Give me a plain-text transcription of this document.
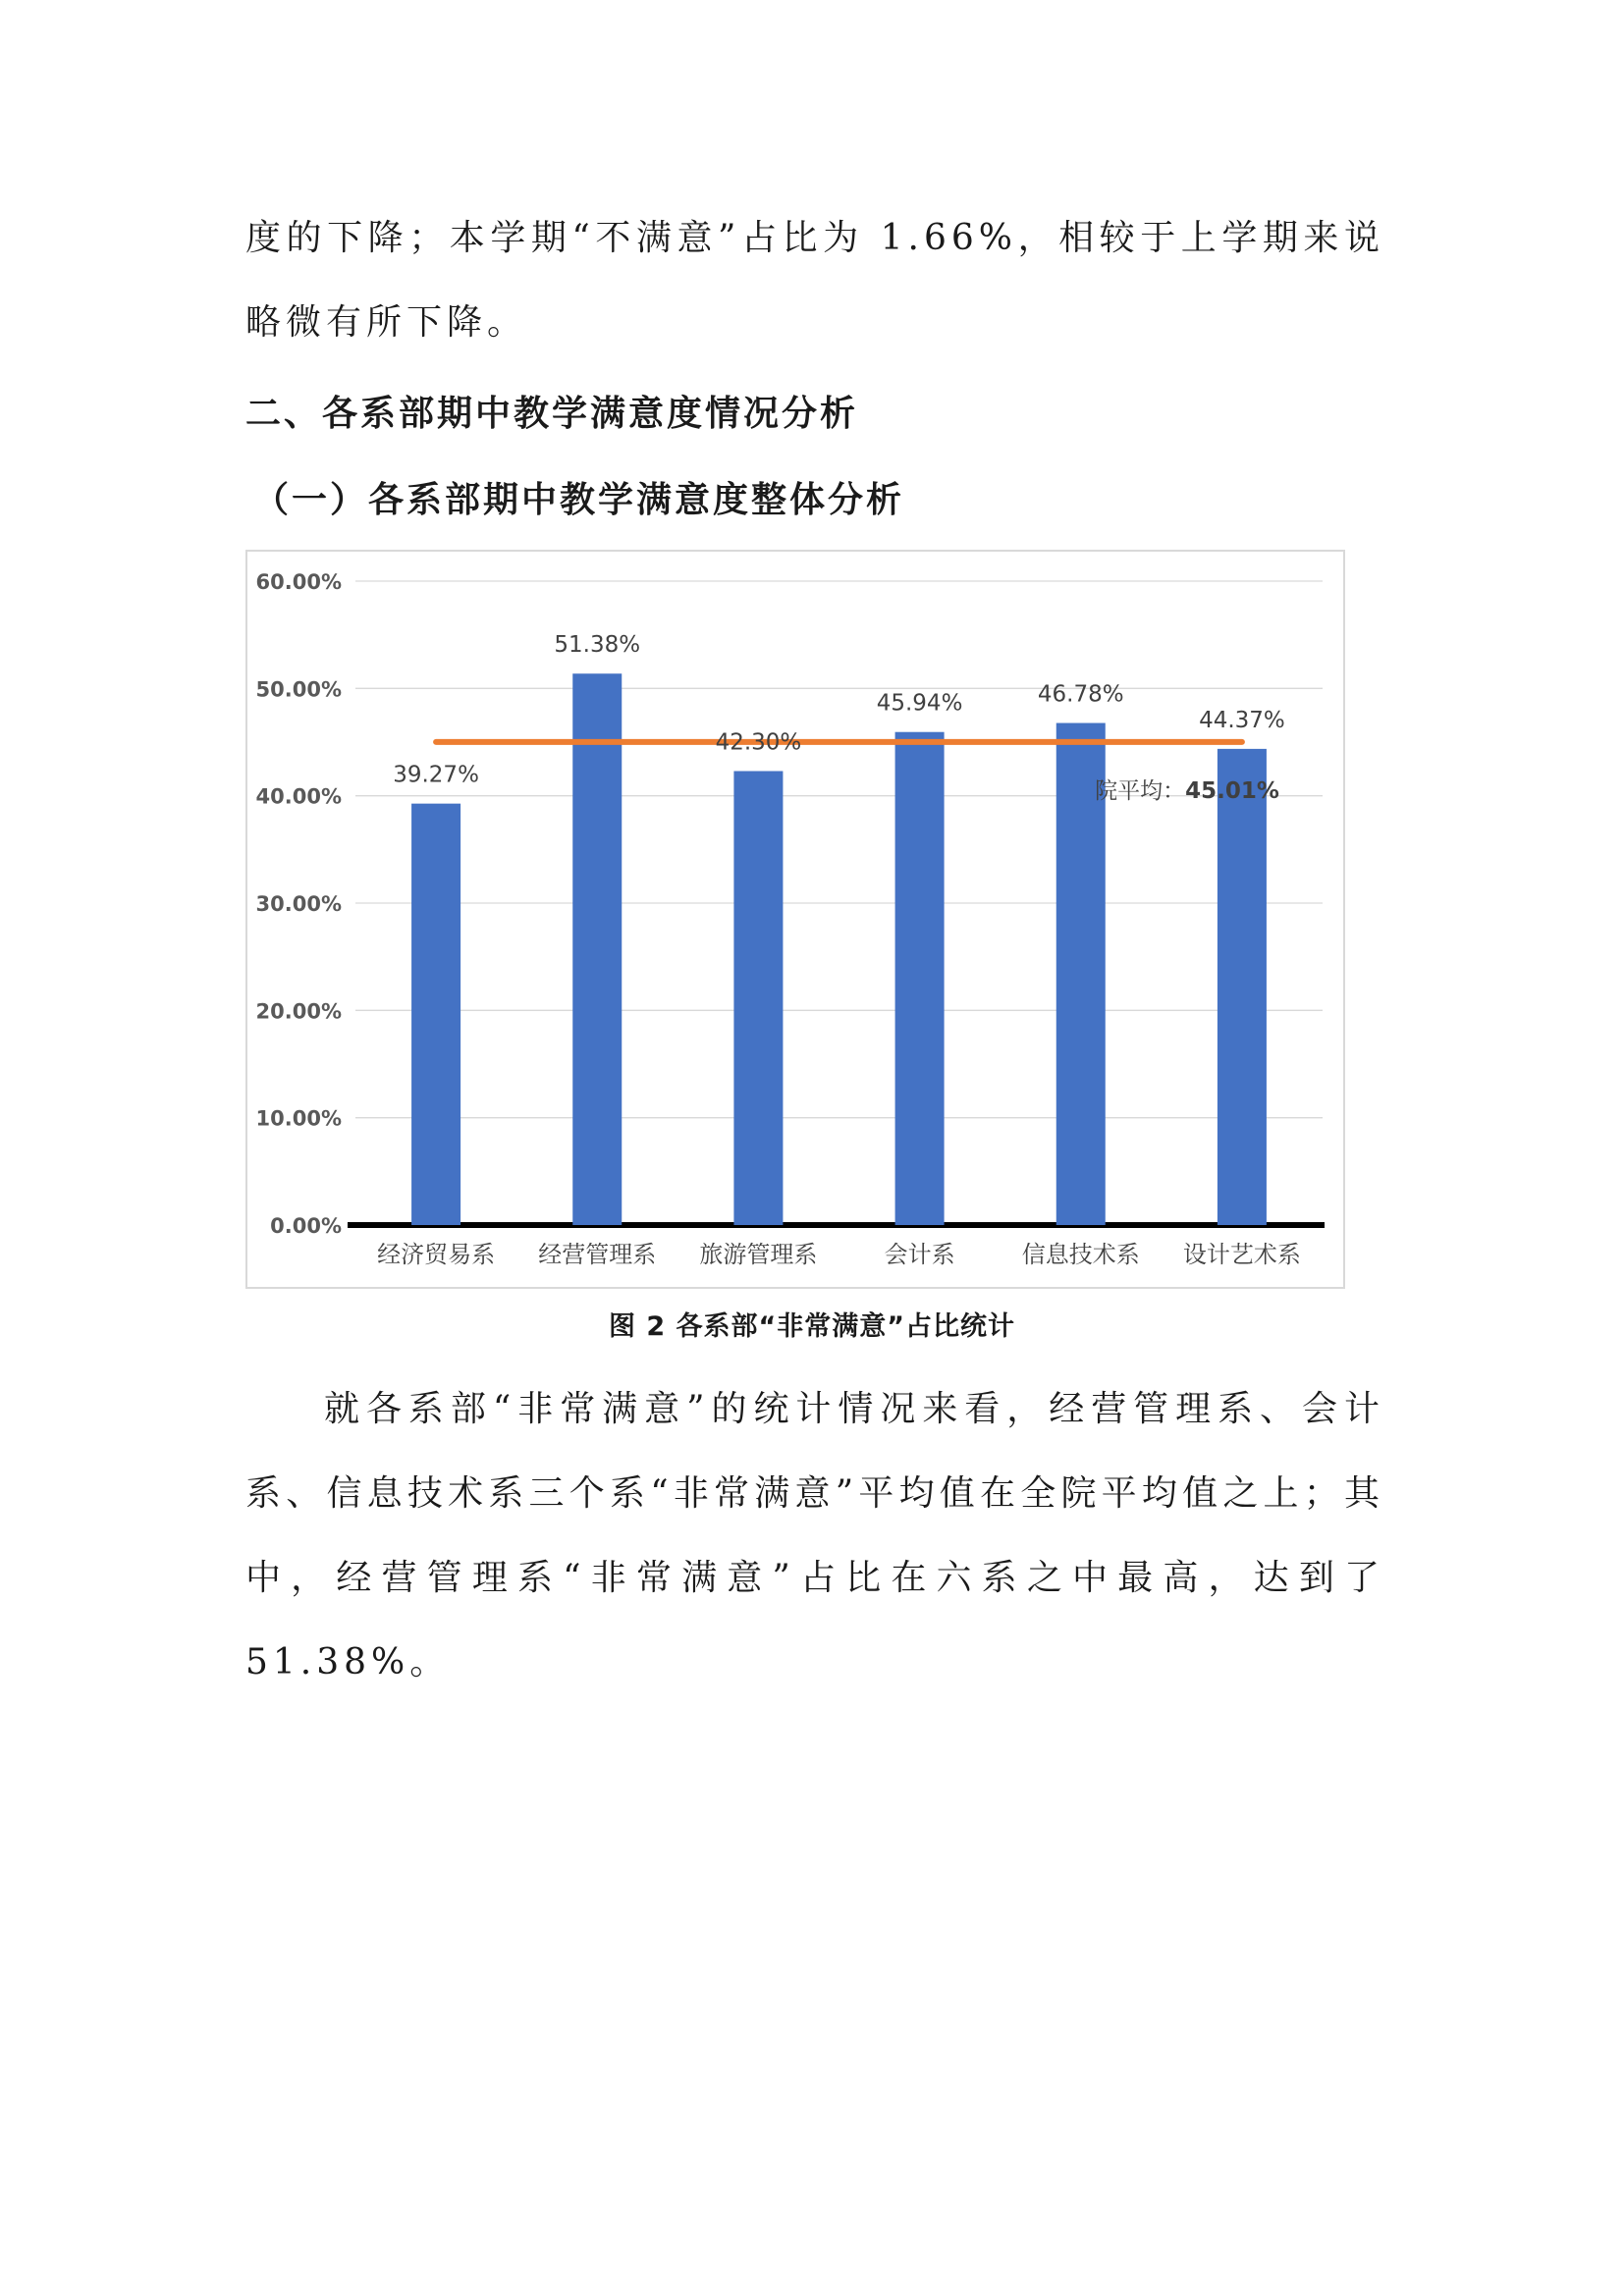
度的下降；本学期“不满意”占比为 1.66%，相较于上学期来说略微有所下降。

二、各系部期中教学满意度情况分析
（一）各系部期中教学满意度整体分析
0.00%
10.00%
20.00%
30.00%
40.00%
50.00%
60.00%
39.27%
经济贸易系
51.38%
经营管理系
42.30%
旅游管理系
45.94%
会计系
46.78%
信息技术系
44.37%
设计艺术系
院平均：45.01%

图 2 各系部“非常满意”占比统计

就各系部“非常满意”的统计情况来看，经营管理系、会计系、信息技术系三个系“非常满意”平均值在全院平均值之上；其中，经营管理系“非常满意”占比在六系之中最高，达到了 51.38%。
